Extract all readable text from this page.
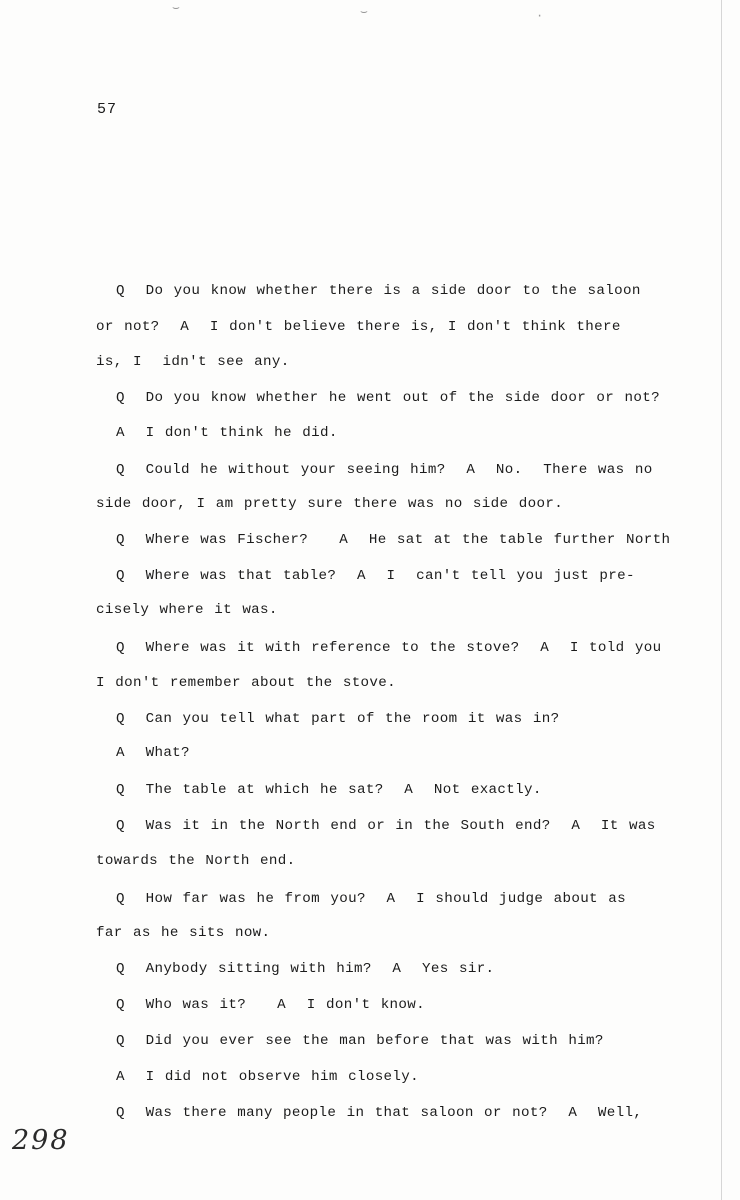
⌣	⌣	·
57
Q  Do you know whether there is a side door to the saloon
or not?  A  I don't believe there is, I don't think there
is, I  idn't see any.
Q  Do you know whether he went out of the side door or not?
A  I don't think he did.
Q  Could he without your seeing him?  A  No.  There was no
side door, I am pretty sure there was no side door.
Q  Where was Fischer?   A  He sat at the table further North
Q  Where was that table?  A  I  can't tell you just pre-
cisely where it was.
Q  Where was it with reference to the stove?  A  I told you
I don't remember about the stove.
Q  Can you tell what part of the room it was in?
A  What?
Q  The table at which he sat?  A  Not exactly.
Q  Was it in the North end or in the South end?  A  It was
towards the North end.
Q  How far was he from you?  A  I should judge about as
far as he sits now.
Q  Anybody sitting with him?  A  Yes sir.
Q  Who was it?   A  I don't know.
Q  Did you ever see the man before that was with him?
A  I did not observe him closely.
Q  Was there many people in that saloon or not?  A  Well,
298
